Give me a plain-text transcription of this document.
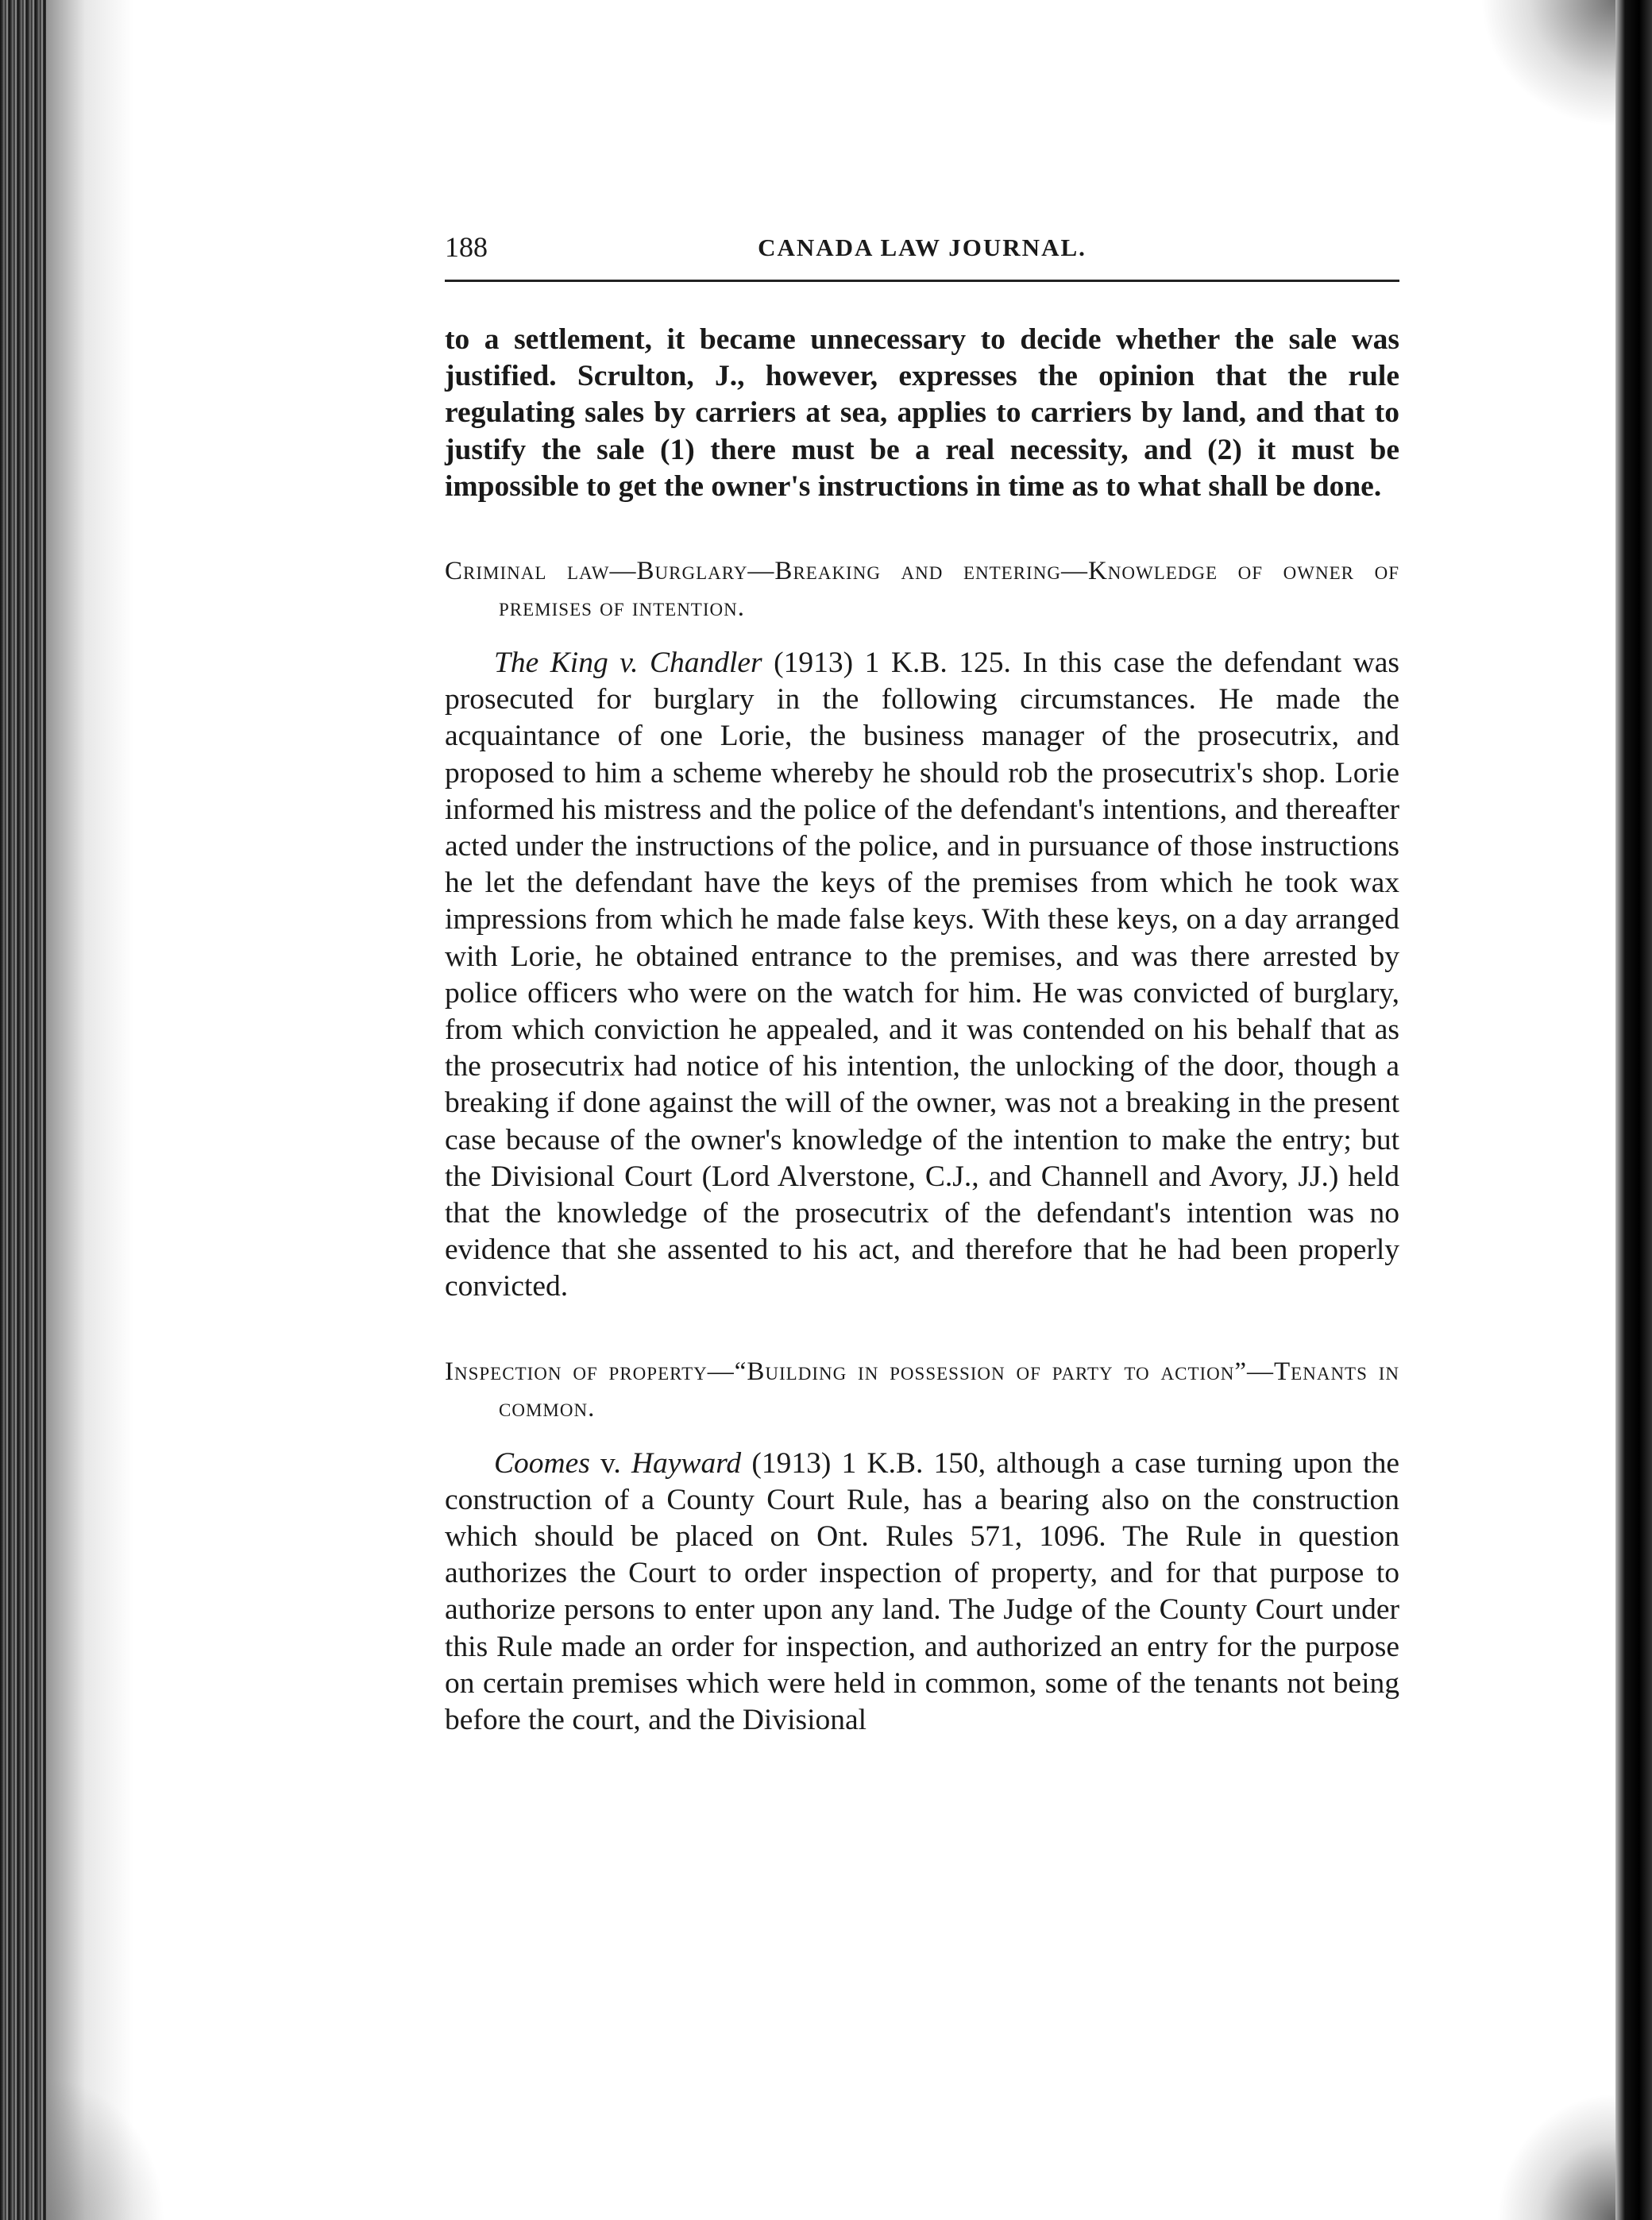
188	CANADA LAW JOURNAL.

to a settlement, it became unnecessary to decide whether the sale was justified. Scrulton, J., however, expresses the opinion that the rule regulating sales by carriers at sea, applies to carriers by land, and that to justify the sale (1) there must be a real necessity, and (2) it must be impossible to get the owner's instructions in time as to what shall be done.

Criminal law—Burglary—Breaking and entering—Knowledge of owner of premises of intention.

The King v. Chandler (1913) 1 K.B. 125. In this case the defendant was prosecuted for burglary in the following circumstances. He made the acquaintance of one Lorie, the business manager of the prosecutrix, and proposed to him a scheme whereby he should rob the prosecutrix's shop. Lorie informed his mistress and the police of the defendant's intentions, and thereafter acted under the instructions of the police, and in pursuance of those instructions he let the defendant have the keys of the premises from which he took wax impressions from which he made false keys. With these keys, on a day arranged with Lorie, he obtained entrance to the premises, and was there arrested by police officers who were on the watch for him. He was convicted of burglary, from which conviction he appealed, and it was contended on his behalf that as the prosecutrix had notice of his intention, the unlocking of the door, though a breaking if done against the will of the owner, was not a breaking in the present case because of the owner's knowledge of the intention to make the entry; but the Divisional Court (Lord Alverstone, C.J., and Channell and Avory, JJ.) held that the knowledge of the prosecutrix of the defendant's intention was no evidence that she assented to his act, and therefore that he had been properly convicted.

Inspection of property—“Building in possession of party to action”—Tenants in common.

Coomes v. Hayward (1913) 1 K.B. 150, although a case turning upon the construction of a County Court Rule, has a bearing also on the construction which should be placed on Ont. Rules 571, 1096. The Rule in question authorizes the Court to order inspection of property, and for that purpose to authorize persons to enter upon any land. The Judge of the County Court under this Rule made an order for inspection, and authorized an entry for the purpose on certain premises which were held in common, some of the tenants not being before the court, and the Divisional
